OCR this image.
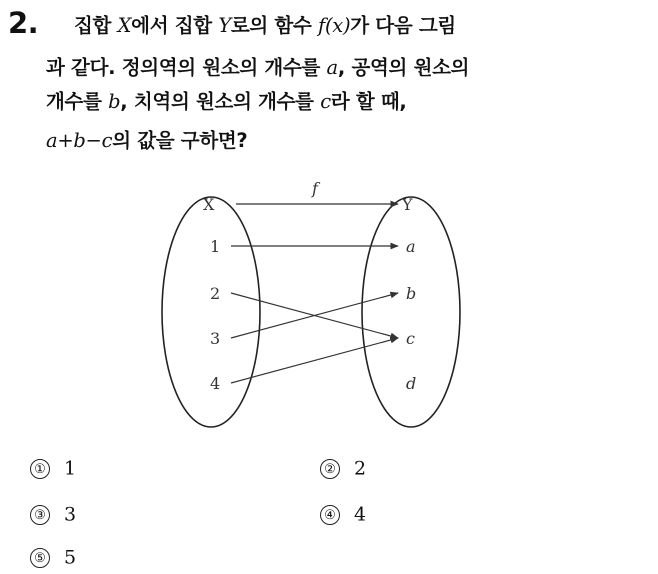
2. 집합 X에서 집합 Y로의 함수 f(x)가 다음 그림
과 같다. 정의역의 원소의 개수를 a, 공역의 원소의
개수를 b, 치역의 원소의 개수를 c라 할 때,
a+b−c의 값을 구하면?
X	Y
f
1
2
3
4
a
b
c
d
① 1	② 2
③ 3	④ 4
⑤ 5
